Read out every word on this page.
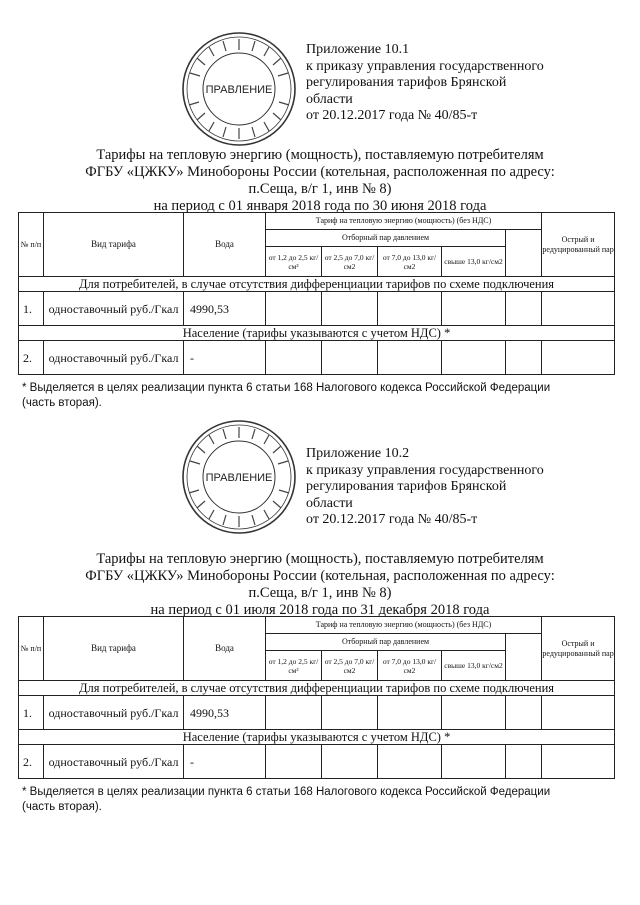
ПРАВЛЕНИЕ
Приложение 10.1
к приказу управления государственного
регулирования тарифов Брянской
области
от 20.12.2017 года № 40/85-т
Тарифы на тепловую энергию (мощность), поставляемую потребителям
ФГБУ «ЦЖКУ» Минобороны России (котельная, расположенная по адресу:
п.Сеща, в/г 1, инв № 8)
на период с 01 января 2018 года по 30 июня 2018 года
№ п/п	Вид тарифа	Вода	Тариф на тепловую энергию (мощность) (без НДС)					Острый и редуцированный пар
			Отборный пар давлением					
			от 1,2 до 2,5 кг/см²	от 2,5 до 7,0 кг/см2	от 7,0 до 13,0 кг/см2	свыше 13,0 кг/см2		
Для потребителей, в случае отсутствия дифференциации тарифов по схеме подключения								
1.	одноставочный руб./Гкал	4990,53						
Население (тарифы указываются с учетом НДС) *								
2.	одноставочный руб./Гкал	-						
* Выделяется в целях реализации пункта 6 статьи 168 Налогового кодекса Российской Федерации (часть вторая).
ПРАВЛЕНИЕ
Приложение 10.2
к приказу управления государственного
регулирования тарифов Брянской
области
от 20.12.2017 года № 40/85-т
Тарифы на тепловую энергию (мощность), поставляемую потребителям
ФГБУ «ЦЖКУ» Минобороны России (котельная, расположенная по адресу:
п.Сеща, в/г 1, инв № 8)
на период с 01 июля 2018 года по 31 декабря 2018 года
№ п/п	Вид тарифа	Вода	Тариф на тепловую энергию (мощность) (без НДС)					Острый и редуцированный пар
			Отборный пар давлением					
			от 1,2 до 2,5 кг/см²	от 2,5 до 7,0 кг/см2	от 7,0 до 13,0 кг/см2	свыше 13,0 кг/см2		
Для потребителей, в случае отсутствия дифференциации тарифов по схеме подключения								
1.	одноставочный руб./Гкал	4990,53						
Население (тарифы указываются с учетом НДС) *								
2.	одноставочный руб./Гкал	-						
* Выделяется в целях реализации пункта 6 статьи 168 Налогового кодекса Российской Федерации (часть вторая).
